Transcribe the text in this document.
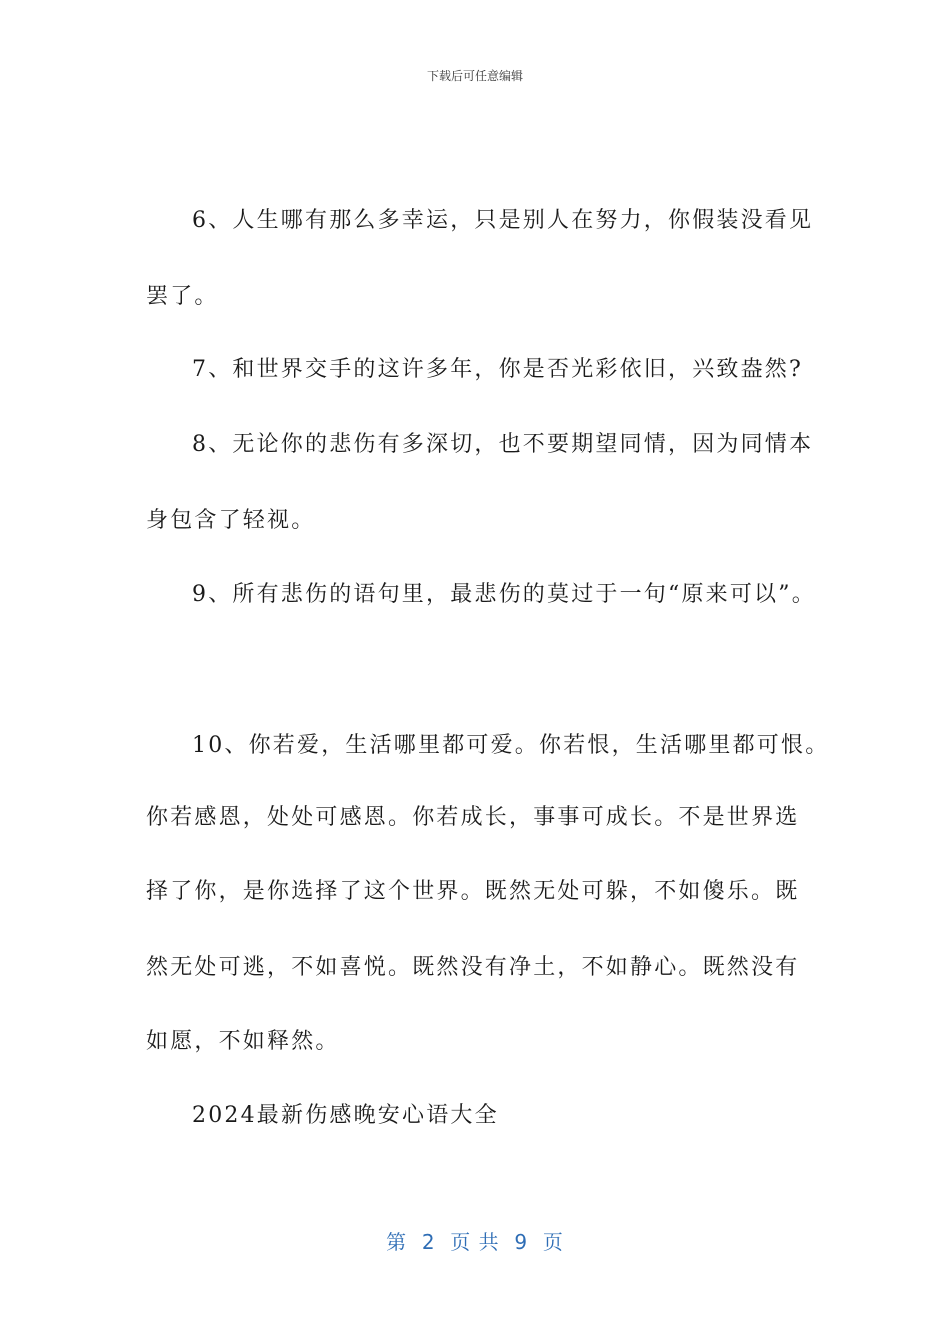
下载后可任意编辑
6、人生哪有那么多幸运，只是别人在努力，你假装没看见
罢了。
7、和世界交手的这许多年，你是否光彩依旧，兴致盎然?
8、无论你的悲伤有多深切，也不要期望同情，因为同情本
身包含了轻视。
9、所有悲伤的语句里，最悲伤的莫过于一句“原来可以”。
10、你若爱，生活哪里都可爱。你若恨，生活哪里都可恨。
你若感恩，处处可感恩。你若成长，事事可成长。不是世界选
择了你，是你选择了这个世界。既然无处可躲，不如傻乐。既
然无处可逃，不如喜悦。既然没有净土，不如静心。既然没有
如愿，不如释然。
2024最新伤感晚安心语大全
第  2  页 共  9  页
